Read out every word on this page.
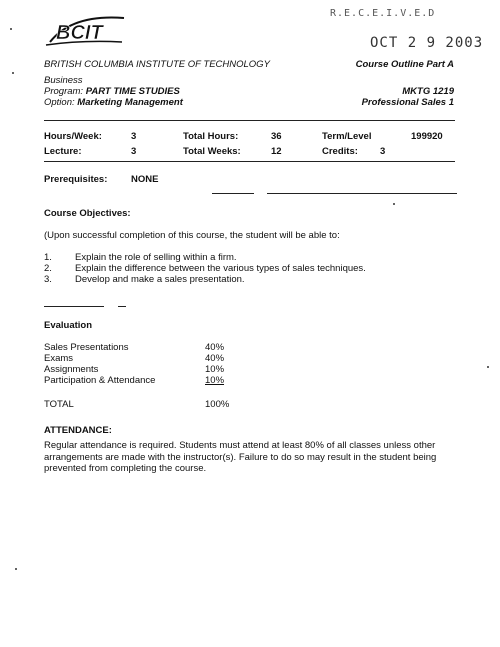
BCIT
R.E.C.E.I.V.E.D
OCT 2 9 2003
BRITISH COLUMBIA INSTITUTE OF TECHNOLOGY	Course Outline Part A
Business
Program: PART TIME STUDIES
Option: Marketing Management
MKTG 1219
Professional Sales 1
Hours/Week:	3	Total Hours:	36	Term/Level	199920
Lecture:	3	Total Weeks:	12	Credits: 3
Prerequisites: NONE
Course Objectives:
(Upon successful completion of this course, the student will be able to:
1. Explain the role of selling within a firm.
2. Explain the difference between the various types of sales techniques.
3. Develop and make a sales presentation.
Evaluation
Sales Presentations	40%
Exams	40%
Assignments	10%
Participation & Attendance	10%
TOTAL	100%
ATTENDANCE:
Regular attendance is required. Students must attend at least 80% of all classes unless other arrangements are made with the instructor(s). Failure to do so may result in the student being prevented from completing the course.
